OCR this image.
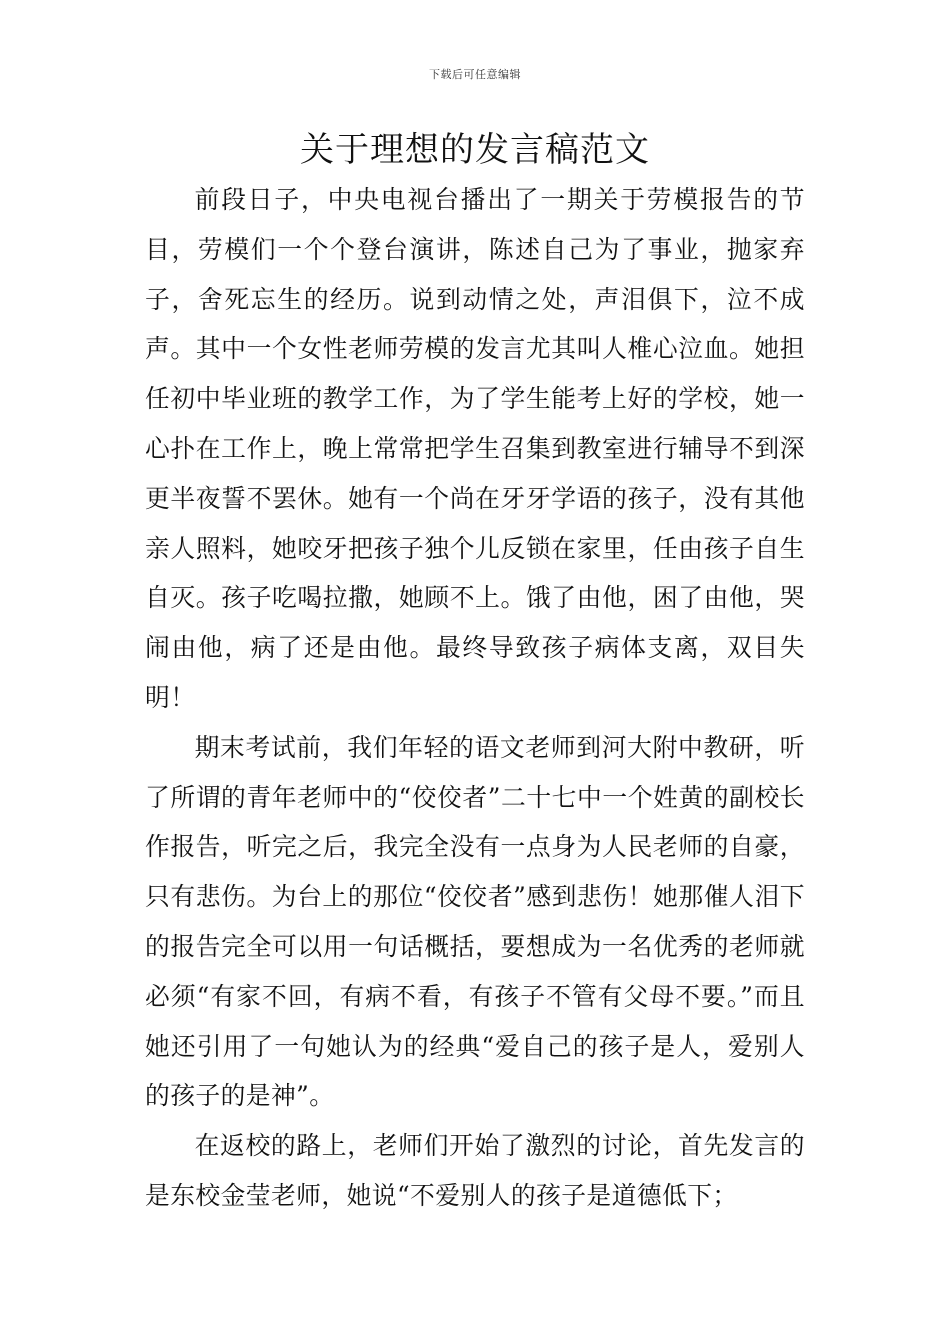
下载后可任意编辑
关于理想的发言稿范文

前段日子，中央电视台播出了一期关于劳模报告的节目，劳模们一个个登台演讲，陈述自己为了事业，抛家弃子，舍死忘生的经历。说到动情之处，声泪俱下，泣不成声。其中一个女性老师劳模的发言尤其叫人椎心泣血。她担任初中毕业班的教学工作，为了学生能考上好的学校，她一心扑在工作上，晚上常常把学生召集到教室进行辅导不到深更半夜誓不罢休。她有一个尚在牙牙学语的孩子，没有其他亲人照料，她咬牙把孩子独个儿反锁在家里，任由孩子自生自灭。孩子吃喝拉撒，她顾不上。饿了由他，困了由他，哭闹由他，病了还是由他。最终导致孩子病体支离，双目失明！

期末考试前，我们年轻的语文老师到河大附中教研，听了所谓的青年老师中的“佼佼者”二十七中一个姓黄的副校长作报告，听完之后，我完全没有一点身为人民老师的自豪，只有悲伤。为台上的那位“佼佼者”感到悲伤！她那催人泪下的报告完全可以用一句话概括，要想成为一名优秀的老师就必须“有家不回，有病不看，有孩子不管有父母不要。”而且她还引用了一句她认为的经典“爱自己的孩子是人，爱别人的孩子的是神”。

在返校的路上，老师们开始了激烈的讨论，首先发言的是东校金莹老师，她说“不爱别人的孩子是道德低下；
